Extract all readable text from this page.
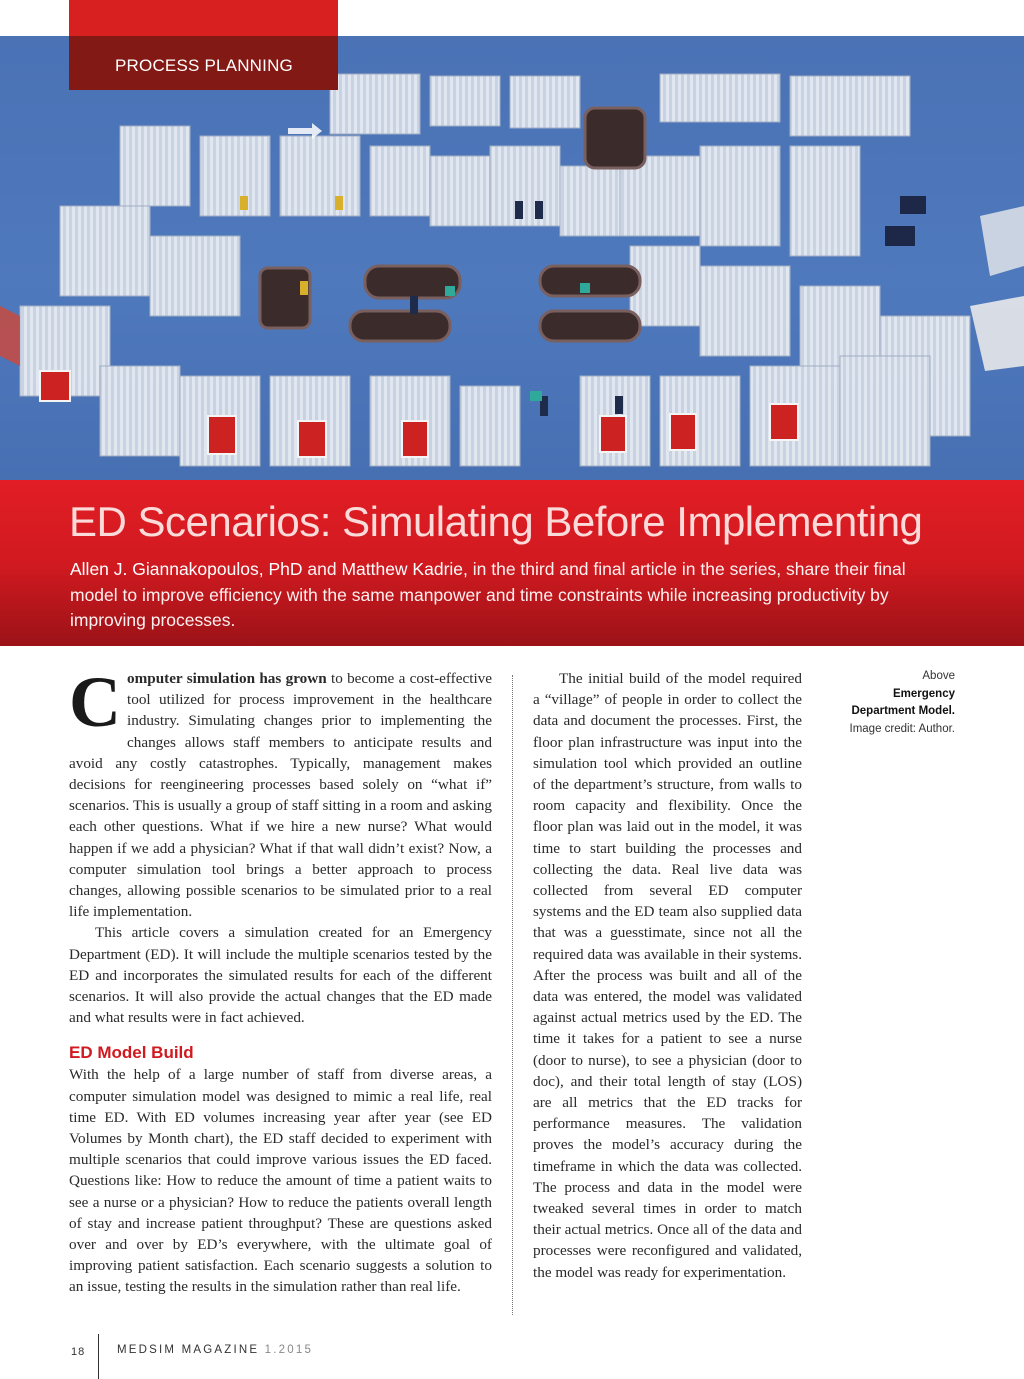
PROCESS PLANNING
ED Scenarios: Simulating Before Implementing
Allen J. Giannakopoulos, PhD and Matthew Kadrie, in the third and final article in the series, share their final model to improve efficiency with the same manpower and time constraints while increasing productivity by improving processes.

Computer simulation has grown to become a cost-effective tool utilized for process improvement in the healthcare industry. Simulating changes prior to implementing the changes allows staff members to anticipate results and avoid any costly catastrophes. Typically, management makes decisions for reengineering processes based solely on “what if” scenarios. This is usually a group of staff sitting in a room and asking each other questions. What if we hire a new nurse? What would happen if we add a physician? What if that wall didn’t exist? Now, a computer simulation tool brings a better approach to process changes, allowing possible scenarios to be simulated prior to a real life implementation.

This article covers a simulation created for an Emergency Department (ED). It will include the multiple scenarios tested by the ED and incorporates the simulated results for each of the different scenarios. It will also provide the actual changes that the ED made and what results were in fact achieved.

ED Model Build

With the help of a large number of staff from diverse areas, a computer simulation model was designed to mimic a real life, real time ED. With ED volumes increasing year after year (see ED Volumes by Month chart), the ED staff decided to experiment with multiple scenarios that could improve various issues the ED faced. Questions like: How to reduce the amount of time a patient waits to see a nurse or a physician? How to reduce the patients overall length of stay and increase patient throughput? These are questions asked over and over by ED’s everywhere, with the ultimate goal of improving patient satisfaction. Each scenario suggests a solution to an issue, testing the results in the simulation rather than real life.

The initial build of the model required a “village” of people in order to collect the data and document the processes. First, the floor plan infrastructure was input into the simulation tool which provided an outline of the department’s structure, from walls to room capacity and flexibility. Once the floor plan was laid out in the model, it was time to start building the processes and collecting the data. Real live data was collected from several ED computer systems and the ED team also supplied data that was a guesstimate, since not all the required data was available in their systems. After the process was built and all of the data was entered, the model was validated against actual metrics used by the ED. The time it takes for a patient to see a nurse (door to nurse), to see a physician (door to doc), and their total length of stay (LOS) are all metrics that the ED tracks for performance measures. The validation proves the model’s accuracy during the timeframe in which the data was collected. The process and data in the model were tweaked several times in order to match their actual metrics. Once all of the data and processes were reconfigured and validated, the model was ready for experimentation.

Above
Emergency
Department Model.
Image credit: Author.
18	MEDSIM MAGAZINE 1.2015
